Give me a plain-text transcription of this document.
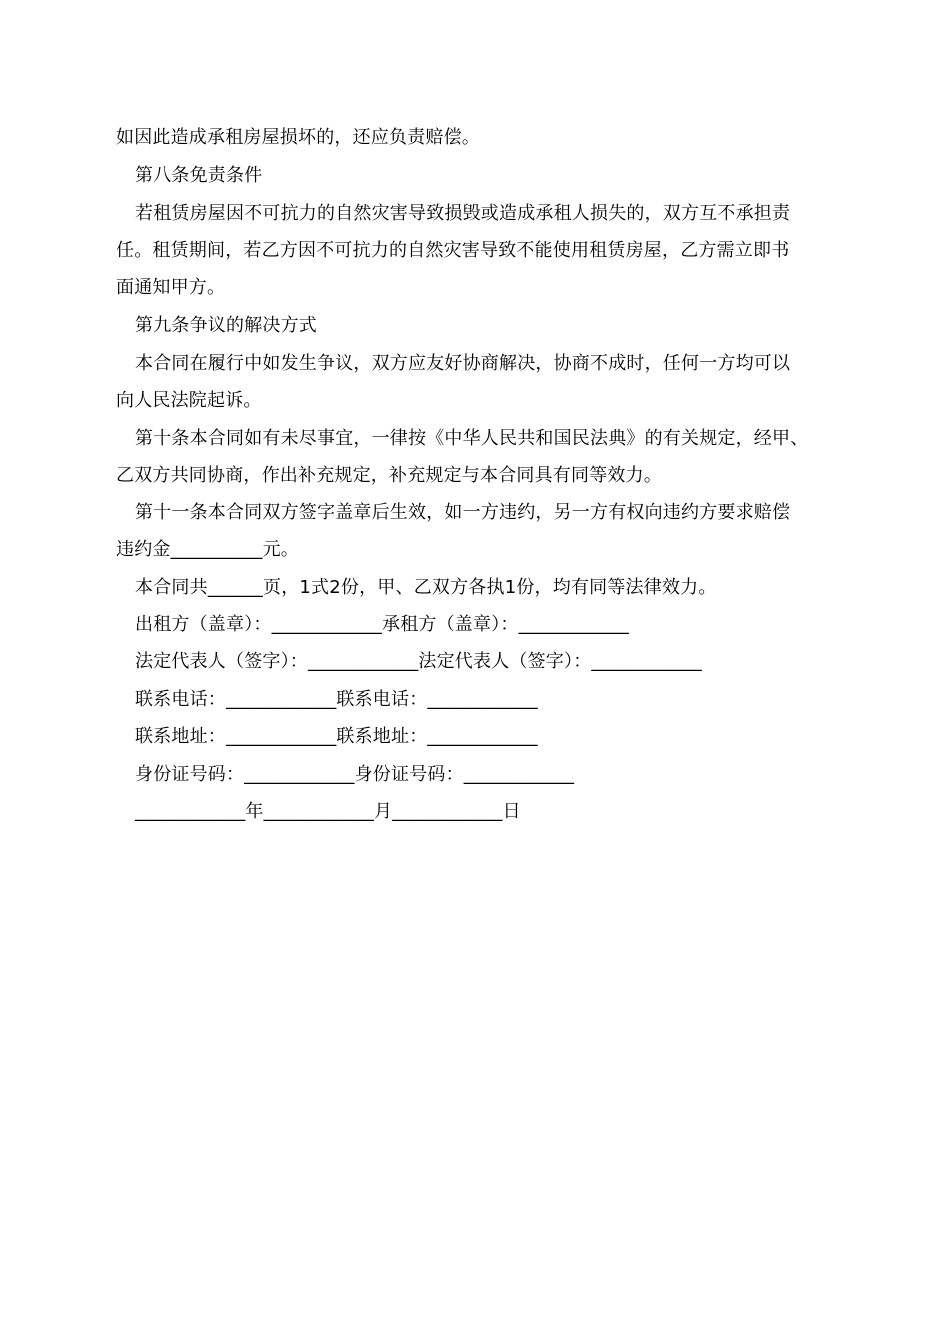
如因此造成承租房屋损坏的，还应负责赔偿。
第八条免责条件
若租赁房屋因不可抗力的自然灾害导致损毁或造成承租人损失的，双方互不承担责
任。租赁期间，若乙方因不可抗力的自然灾害导致不能使用租赁房屋，乙方需立即书
面通知甲方。
第九条争议的解决方式
本合同在履行中如发生争议，双方应友好协商解决，协商不成时，任何一方均可以
向人民法院起诉。
第十条本合同如有未尽事宜，一律按《中华人民共和国民法典》的有关规定，经甲、
乙双方共同协商，作出补充规定，补充规定与本合同具有同等效力。
第十一条本合同双方签字盖章后生效，如一方违约，另一方有权向违约方要求赔偿
违约金__________元。
本合同共______页，1式2份，甲、乙双方各执1份，均有同等法律效力。
出租方（盖章）：____________承租方（盖章）：____________
法定代表人（签字）：____________法定代表人（签字）：____________
联系电话：____________联系电话：____________
联系地址：____________联系地址：____________
身份证号码：____________身份证号码：____________
____________年____________月____________日
